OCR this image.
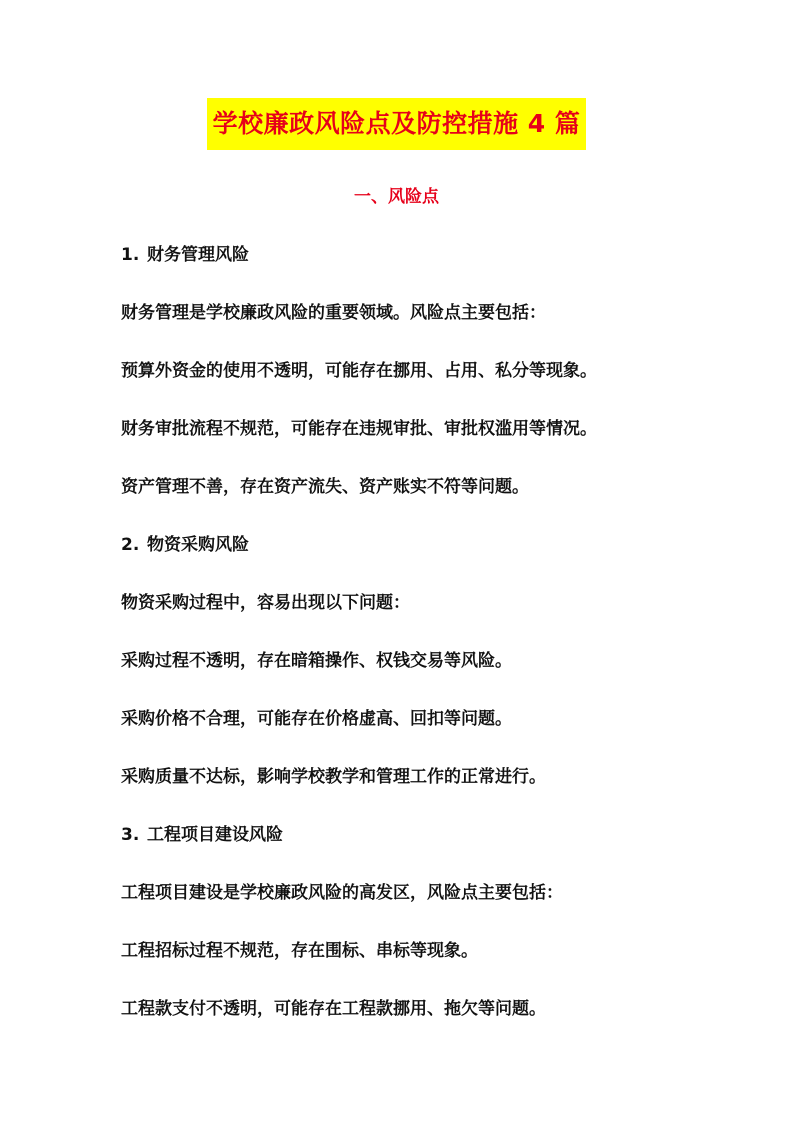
学校廉政风险点及防控措施 4 篇
一、风险点
1. 财务管理风险
财务管理是学校廉政风险的重要领域。风险点主要包括：
预算外资金的使用不透明，可能存在挪用、占用、私分等现象。
财务审批流程不规范，可能存在违规审批、审批权滥用等情况。
资产管理不善，存在资产流失、资产账实不符等问题。
2. 物资采购风险
物资采购过程中，容易出现以下问题：
采购过程不透明，存在暗箱操作、权钱交易等风险。
采购价格不合理，可能存在价格虚高、回扣等问题。
采购质量不达标，影响学校教学和管理工作的正常进行。
3. 工程项目建设风险
工程项目建设是学校廉政风险的高发区，风险点主要包括：
工程招标过程不规范，存在围标、串标等现象。
工程款支付不透明，可能存在工程款挪用、拖欠等问题。
